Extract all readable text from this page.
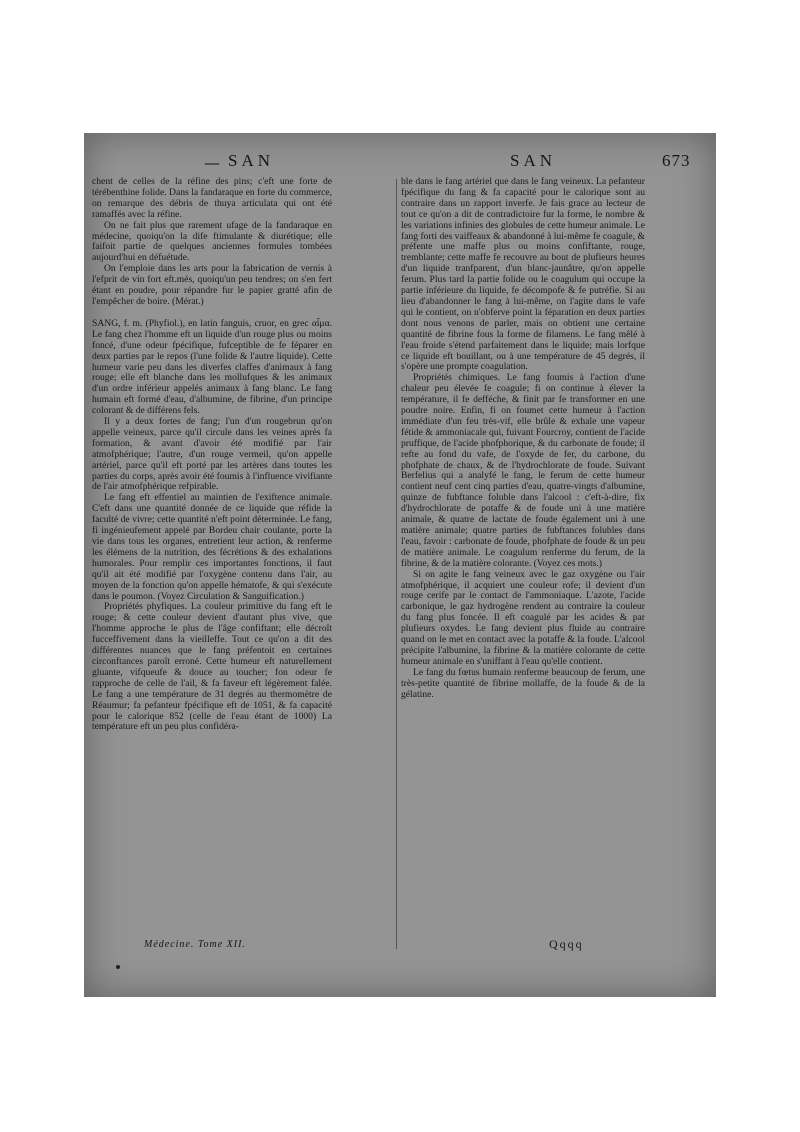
— SAN	SAN	673

chent de celles de la réfine des pins; c'eft une forte de térébenthine folide. Dans la fandaraque en forte du commerce, on remarque des débris de thuya articulata qui ont été ramaffés avec la réfine.

On ne fait plus que rarement ufage de la fandaraque en médecine, quoiqu'on la dife ftimulante & diurétique; elle faifoit partie de quelques anciennes formules tombées aujourd'hui en défuétude.

On l'emploie dans les arts pour la fabrication de vernis à l'efprit de vin fort eft.més, quoiqu'un peu tendres; on s'en fert étant en poudre, pour répandre fur le papier gratté afin de l'empêcher de boire. (Mérat.)

SANG, f. m. (Phyfiol.), en latin fanguis, cruor, en grec αἷμα. Le fang chez l'homme eft un liquide d'un rouge plus ou moins foncé, d'une odeur fpécifique, fufceptible de fe féparer en deux parties par le repos (l'une folide & l'autre liquide). Cette humeur varie peu dans les diverfes claffes d'animaux à fang rouge; elle eft blanche dans les mollufques & les animaux d'un ordre inférieur appelés animaux à fang blanc. Le fang humain eft formé d'eau, d'albumine, de fibrine, d'un principe colorant & de différens fels.

Il y a deux fortes de fang; l'un d'un rougebrun qu'on appelle veineux, parce qu'il circule dans les veines après fa formation, & avant d'avoir été modifié par l'air atmofphérique; l'autre, d'un rouge vermeil, qu'on appelle artériel, parce qu'il eft porté par les artères dans toutes les parties du corps, après avoir été foumis à l'influence vivifiante de l'air atmofphérique refpirable.

Le fang eft effentiel au maintien de l'exiftence animale. C'eft dans une quantité donnée de ce liquide que réfide la faculté de vivre; cette quantité n'eft point déterminée. Le fang, fi ingénieufement appelé par Bordeu chair coulante, porte la vie dans tous les organes, entretient leur action, & renferme les élémens de la nutrition, des fécrétions & des exhalations humorales. Pour remplir ces importantes fonctions, il faut qu'il ait été modifié par l'oxygène contenu dans l'air, au moyen de la fonction qu'on appelle hématofe, & qui s'exécute dans le poumon. (Voyez Circulation & Sanguification.)

Propriétés phyfiques. La couleur primitive du fang eft le rouge; & cette couleur devient d'autant plus vive, que l'homme approche le plus de l'âge confiftant; elle décroît fucceffivement dans la vieilleffe. Tout ce qu'on a dit des différentes nuances que le fang préfentoit en certaines circonftances paroît erroné. Cette humeur eft naturellement gluante, vifqueufe & douce au toucher; fon odeur fe rapproche de celle de l'ail, & fa faveur eft légèrement falée. Le fang a une température de 31 degrés au thermomètre de Réaumur; fa pefanteur fpécifique eft de 1051, & fa capacité pour le calorique 852 (celle de l'eau étant de 1000) La température eft un peu plus confidéra-

ble dans le fang artériel que dans le fang veineux. La pefanteur fpécifique du fang & fa capacité pour le calorique sont au contraire dans un rapport inverfe. Je fais grace au lecteur de tout ce qu'on a dit de contradictoire fur la forme, le nombre & les variations infinies des globules de cette humeur animale. Le fang forti des vaiffeaux & abandonné à lui-même fe coagule, & préfente une maffe plus ou moins confiftante, rouge, tremblante; cette maffe fe recouvre au bout de plufieurs heures d'un liquide tranfparent, d'un blanc-jaunâtre, qu'on appelle ferum. Plus tard la partie folide ou le coagulum qui occupe la partie inférieure du liquide, fe décompofe & fe putréfie. Si au lieu d'abandonner le fang à lui-même, on l'agite dans le vafe qui le contient, on n'obferve point la féparation en deux parties dont nous venons de parler, mais on obtient une certaine quantité de fibrine fous la forme de filamens. Le fang mêlé à l'eau froide s'étend parfaitement dans le liquide; mais lorfque ce liquide eft bouillant, ou à une température de 45 degrés, il s'opère une prompte coagulation.

Propriétés chimiques. Le fang foumis à l'action d'une chaleur peu élevée fe coagule; fi on continue à élever la température, il fe defféche, & finit par fe transformer en une poudre noire. Enfin, fi on foumet cette humeur à l'action immédiate d'un feu très-vif, elle brûle & exhale une vapeur fétide & ammoniacale qui, fuivant Fourcroy, contient de l'acide pruffique, de l'acide phofphorique, & du carbonate de foude; il refte au fond du vafe, de l'oxyde de fer, du carbone, du phofphate de chaux, & de l'hydrochlorate de foude. Suivant Berfelius qui a analyfé le fang, le ferum de cette humeur contient neuf cent cinq parties d'eau, quatre-vingts d'albumine, quinze de fubftance foluble dans l'alcool : c'eft-à-dire, fix d'hydrochlorate de potaffe & de foude uni à une matière animale, & quatre de lactate de foude également uni à une matière animale; quatre parties de fubftances folubles dans l'eau, favoir : carbonate de foude, phofphate de foude & un peu de matière animale. Le coagulum renferme du ferum, de la fibrine, & de la matière colorante. (Voyez ces mots.)

Si on agite le fang veineux avec le gaz oxygène ou l'air atmofphérique, il acquiert une couleur rofe; il devient d'un rouge cerife par le contact de l'ammoniaque. L'azote, l'acide carbonique, le gaz hydrogène rendent au contraire la couleur du fang plus foncée. Il eft coagulé par les acides & par plufieurs oxydes. Le fang devient plus fluide au contraire quand on le met en contact avec la potaffe & la foude. L'alcool précipite l'albumine, la fibrine & la matière colorante de cette humeur animale en s'uniffant à l'eau qu'elle contient.

Le fang du fœtus humain renferme beaucoup de ferum, une très-petite quantité de fibrine mollaffe, de la foude & de la gélatine.

Médecine. Tome XII.	Qqqq
